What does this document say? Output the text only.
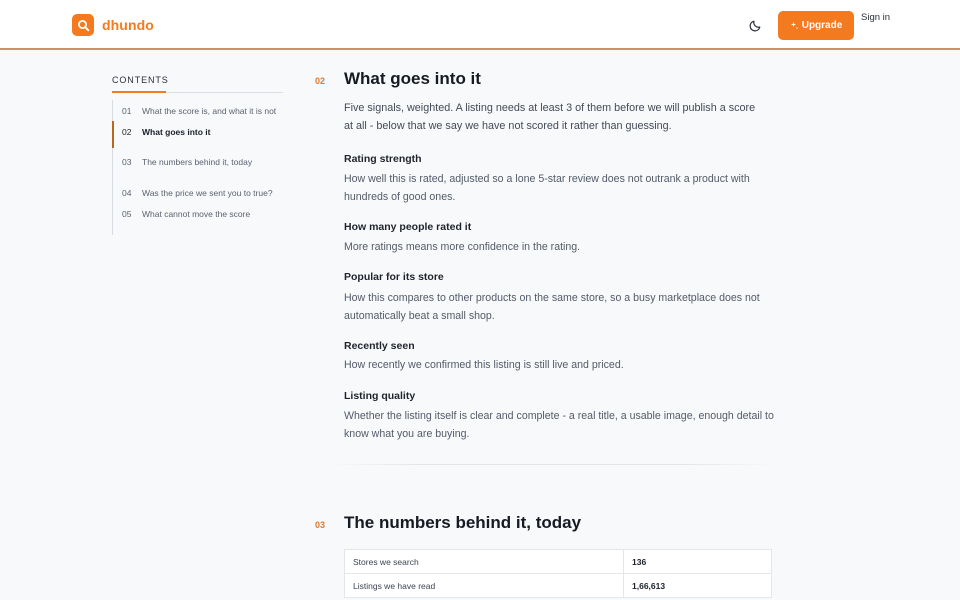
dhundo	Upgrade
Sign in
CONTENTS
01 What the score is, and what it is not
02 What goes into it
03 The numbers behind it, today
04 Was the price we sent you to true?
05 What cannot move the score
02 What goes into it

Five signals, weighted. A listing needs at least 3 of them before we will publish a score at all - below that we say we have not scored it rather than guessing.

Rating strength

How well this is rated, adjusted so a lone 5-star review does not outrank a product with hundreds of good ones.

How many people rated it

More ratings means more confidence in the rating.

Popular for its store

How this compares to other products on the same store, so a busy marketplace does not automatically beat a small shop.

Recently seen

How recently we confirmed this listing is still live and priced.

Listing quality

Whether the listing itself is clear and complete - a real title, a usable image, enough detail to know what you are buying.

03 The numbers behind it, today
Stores we search	136
Listings we have read	1,66,613
